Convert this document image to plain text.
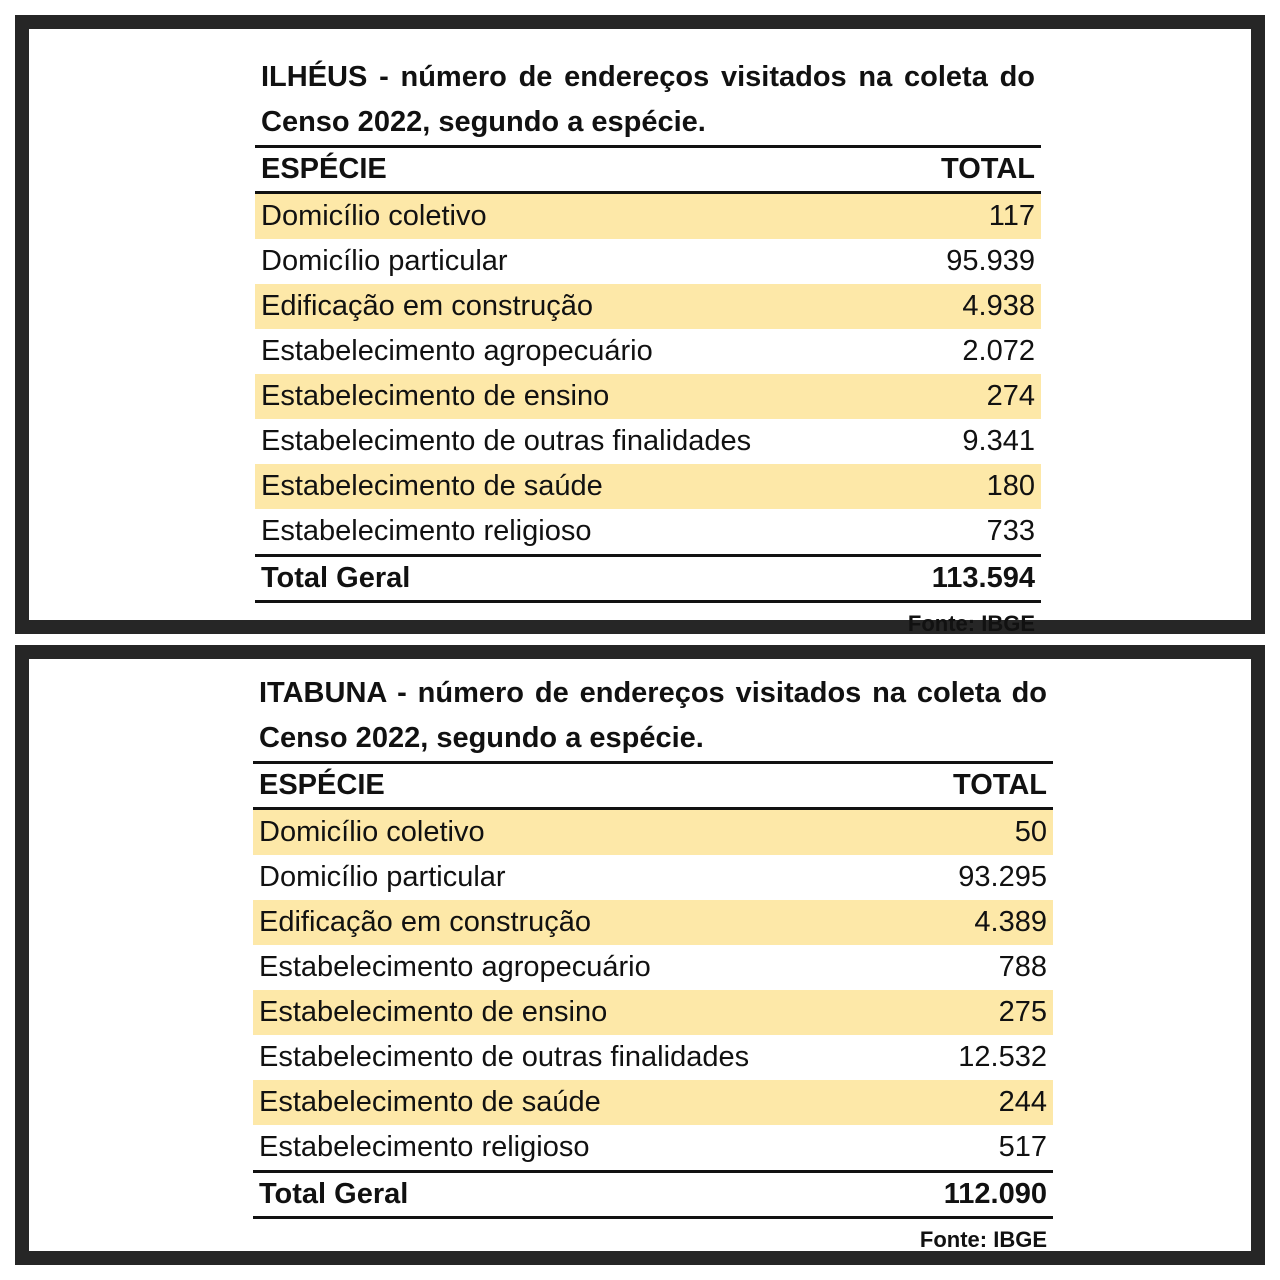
ILHÉUS - número de endereços visitados na coleta do Censo 2022, segundo a espécie.
ESPÉCIE	TOTAL
Domicílio coletivo	117
Domicílio particular	95.939
Edificação em construção	4.938
Estabelecimento agropecuário	2.072
Estabelecimento de ensino	274
Estabelecimento de outras finalidades	9.341
Estabelecimento de saúde	180
Estabelecimento religioso	733
Total Geral	113.594
Fonte: IBGE
ITABUNA - número de endereços visitados na coleta do Censo 2022, segundo a espécie.
ESPÉCIE	TOTAL
Domicílio coletivo	50
Domicílio particular	93.295
Edificação em construção	4.389
Estabelecimento agropecuário	788
Estabelecimento de ensino	275
Estabelecimento de outras finalidades	12.532
Estabelecimento de saúde	244
Estabelecimento religioso	517
Total Geral	112.090
Fonte: IBGE
